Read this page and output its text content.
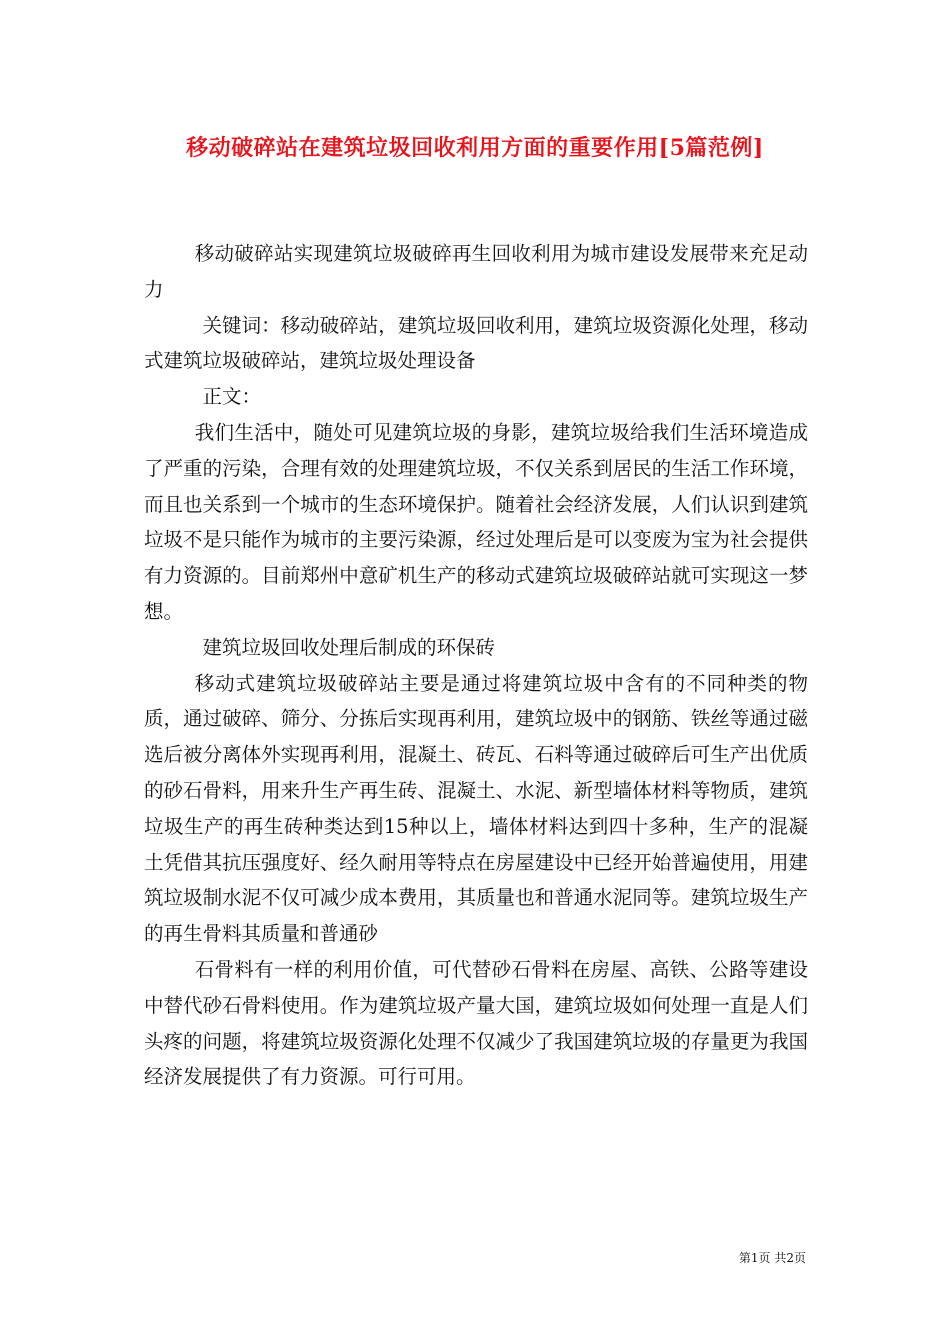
移动破碎站在建筑垃圾回收利用方面的重要作用[5篇范例]

移动破碎站实现建筑垃圾破碎再生回收利用为城市建设发展带来充足动力

关键词：移动破碎站，建筑垃圾回收利用，建筑垃圾资源化处理，移动式建筑垃圾破碎站，建筑垃圾处理设备

正文：

我们生活中，随处可见建筑垃圾的身影，建筑垃圾给我们生活环境造成了严重的污染，合理有效的处理建筑垃圾，不仅关系到居民的生活工作环境，而且也关系到一个城市的生态环境保护。随着社会经济发展，人们认识到建筑垃圾不是只能作为城市的主要污染源，经过处理后是可以变废为宝为社会提供有力资源的。目前郑州中意矿机生产的移动式建筑垃圾破碎站就可实现这一梦想。

建筑垃圾回收处理后制成的环保砖

移动式建筑垃圾破碎站主要是通过将建筑垃圾中含有的不同种类的物质，通过破碎、筛分、分拣后实现再利用，建筑垃圾中的钢筋、铁丝等通过磁选后被分离体外实现再利用，混凝土、砖瓦、石料等通过破碎后可生产出优质的砂石骨料，用来升生产再生砖、混凝土、水泥、新型墙体材料等物质，建筑垃圾生产的再生砖种类达到15种以上，墙体材料达到四十多种，生产的混凝土凭借其抗压强度好、经久耐用等特点在房屋建设中已经开始普遍使用，用建筑垃圾制水泥不仅可减少成本费用，其质量也和普通水泥同等。建筑垃圾生产的再生骨料其质量和普通砂

石骨料有一样的利用价值，可代替砂石骨料在房屋、高铁、公路等建设中替代砂石骨料使用。作为建筑垃圾产量大国，建筑垃圾如何处理一直是人们头疼的问题，将建筑垃圾资源化处理不仅减少了我国建筑垃圾的存量更为我国经济发展提供了有力资源。可行可用。

第1页 共2页
